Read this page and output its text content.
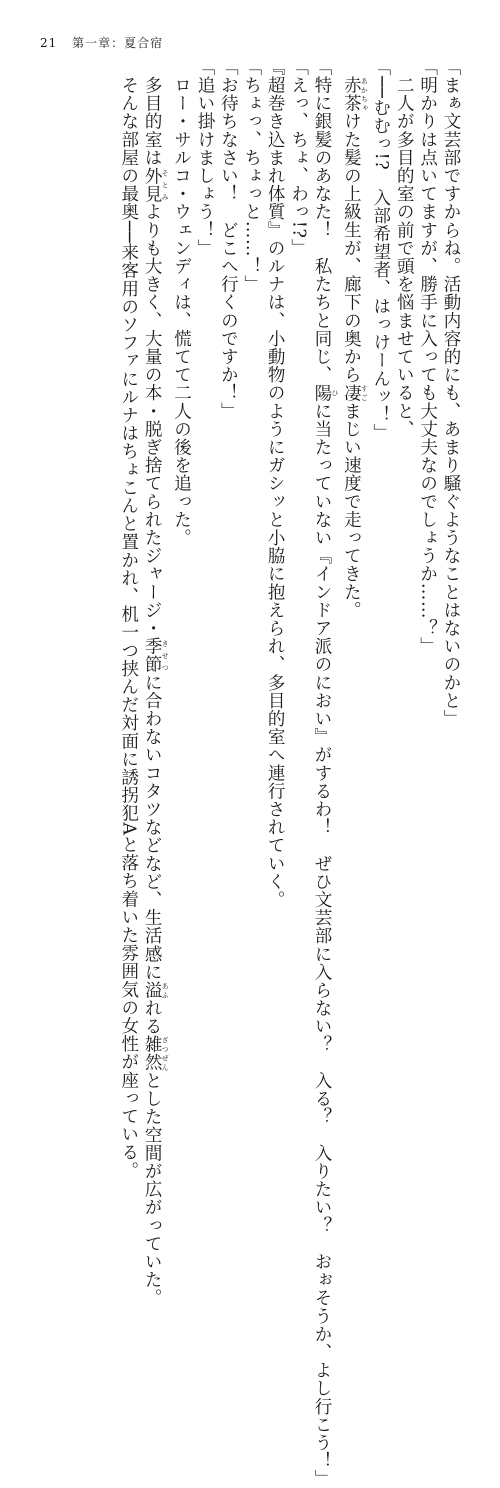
21 第一章：夏合宿

「まぁ文芸部ですからね。活動内容的にも、あまり騒ぐようなことはないのかと」

「明かりは点いてますが、勝手に入っても大丈夫なのでしょうか……？」

　二人が多目的室の前で頭を悩ませていると、

「──むむっ!?　入部希望者、はっけーんッ！」

　赤茶 あかちゃけた髪の上級生が、廊下の奥から凄 すごまじい速度で走ってきた。

「特に銀髪のあなた！　私たちと同じ、陽 ひに当たっていない『インドア派のにおい』がするわ！　ぜひ文芸部に入らない？　入る？　入りたい？　おぉそうか、よし行こう！」

「えっ、ちょ、わっ!?」

『超巻き込まれ体質』のルナは、小動物のようにガシッと小脇に抱えられ、多目的室へ連行されていく。

「ちょっ、ちょっと……！」

「お待ちなさい！　どこへ行くのですか！」

「追い掛けましょう！」

　ロー・サルコ・ウェンディは、慌てて二人の後を追った。

　多目的室は外見 そとみよりも大きく、大量の本・脱ぎ捨てられたジャージ・季節 きせつに合わないコタツなどなど、生活感に溢 あふれる雑然 ざつぜんとした空間が広がっていた。

　そんな部屋の最奥──来客用のソファにルナはちょこんと置かれ、机一つ挟んだ対面に誘拐犯Aと落ち着いた雰囲気の女性が座っている。
